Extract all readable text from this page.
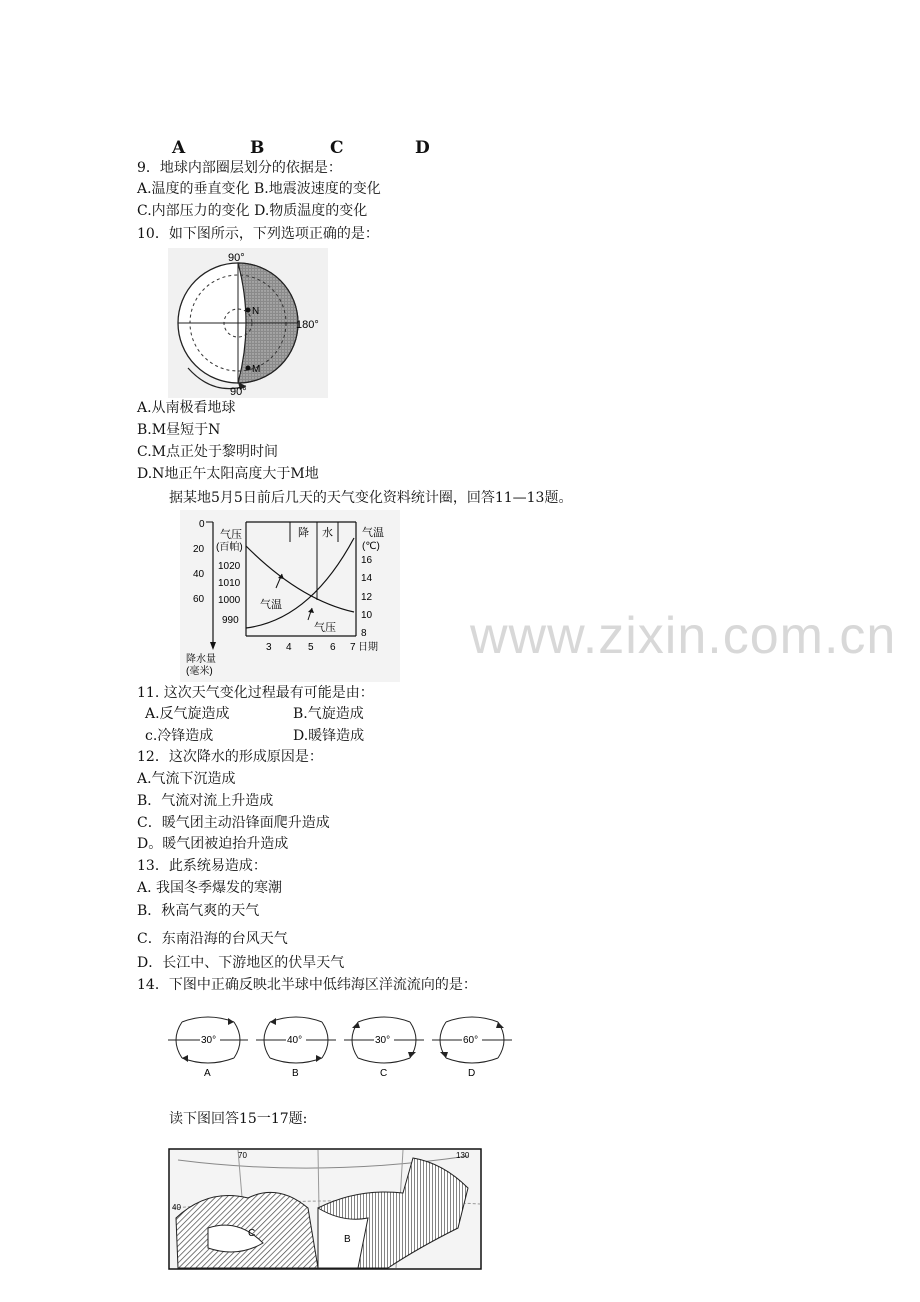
A	B	C	D
9．地球内部圈层划分的依据是：
A.温度的垂直变化 B.地震波速度的变化
C.内部压力的变化 D.物质温度的变化
10．如下图所示，下列选项正确的是：
90°
180°
90°
N
M
A.从南极看地球
B.M昼短于N
C.M点正处于黎明时间
D.N地正午太阳高度大于M地
据某地5月5日前后几天的天气变化资料统计圈，回答11—13题。
0
20
40
60
气压
(百帕)
1020
1010
1000
990
降 水	气温
(℃)
16
14
12
10
8
气温
气压
3 4 5 6 7 日期
降水量
(毫米)
www.zixin.com.cn
11. 这次天气变化过程最有可能是由：
A.反气旋造成	B.气旋造成
c.冷锋造成	D.暖锋造成
12．这次降水的形成原因是：
A.气流下沉造成
B．气流对流上升造成
C．暖气团主动沿锋面爬升造成
D。暖气团被迫抬升造成
13．此系统易造成：
A. 我国冬季爆发的寒潮
B．秋高气爽的天气
C．东南沿海的台风天气
D．长江中、下游地区的伏旱天气
14．下图中正确反映北半球中低纬海区洋流流向的是：
30°
A
40°
B
30°
C
60°
D
读下图回答15一17题:
70	130
40
B
C
